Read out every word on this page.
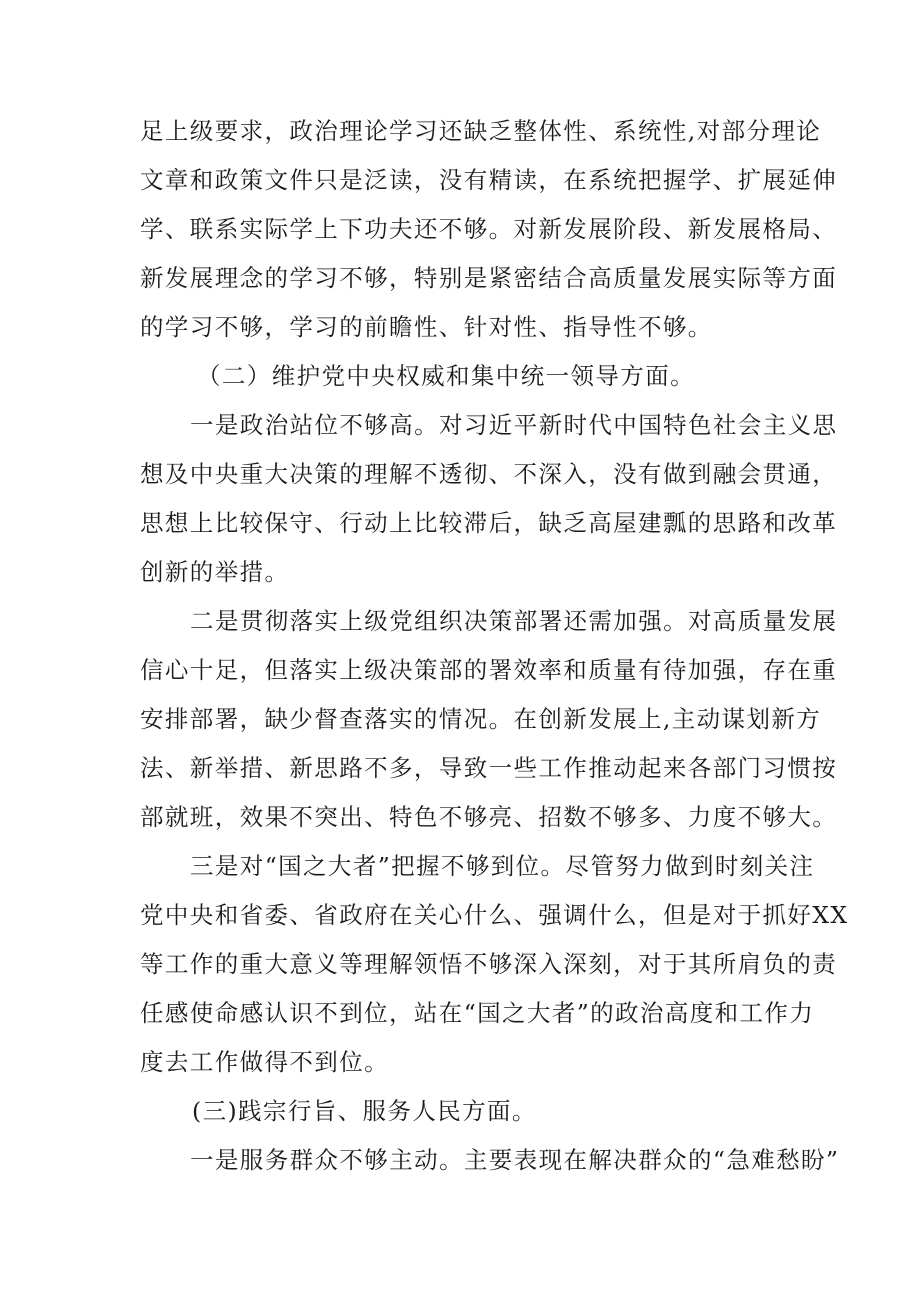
足上级要求，政治理论学习还缺乏整体性、系统性,对部分理论

文章和政策文件只是泛读，没有精读，在系统把握学、扩展延伸

学、联系实际学上下功夫还不够。对新发展阶段、新发展格局、

新发展理念的学习不够，特别是紧密结合高质量发展实际等方面

的学习不够，学习的前瞻性、针对性、指导性不够。

（二）维护党中央权威和集中统一领导方面。

一是政治站位不够高。对习近平新时代中国特色社会主义思

想及中央重大决策的理解不透彻、不深入，没有做到融会贯通，

思想上比较保守、行动上比较滞后，缺乏高屋建瓢的思路和改革

创新的举措。

二是贯彻落实上级党组织决策部署还需加强。对高质量发展

信心十足，但落实上级决策部的署效率和质量有待加强，存在重

安排部署，缺少督查落实的情况。在创新发展上,主动谋划新方

法、新举措、新思路不多，导致一些工作推动起来各部门习惯按

部就班，效果不突出、特色不够亮、招数不够多、力度不够大。

三是对“国之大者”把握不够到位。尽管努力做到时刻关注

党中央和省委、省政府在关心什么、强调什么，但是对于抓好XX

等工作的重大意义等理解领悟不够深入深刻，对于其所肩负的责

任感使命感认识不到位，站在“国之大者”的政治高度和工作力

度去工作做得不到位。

(三)践宗行旨、服务人民方面。

一是服务群众不够主动。主要表现在解决群众的“急难愁盼”
